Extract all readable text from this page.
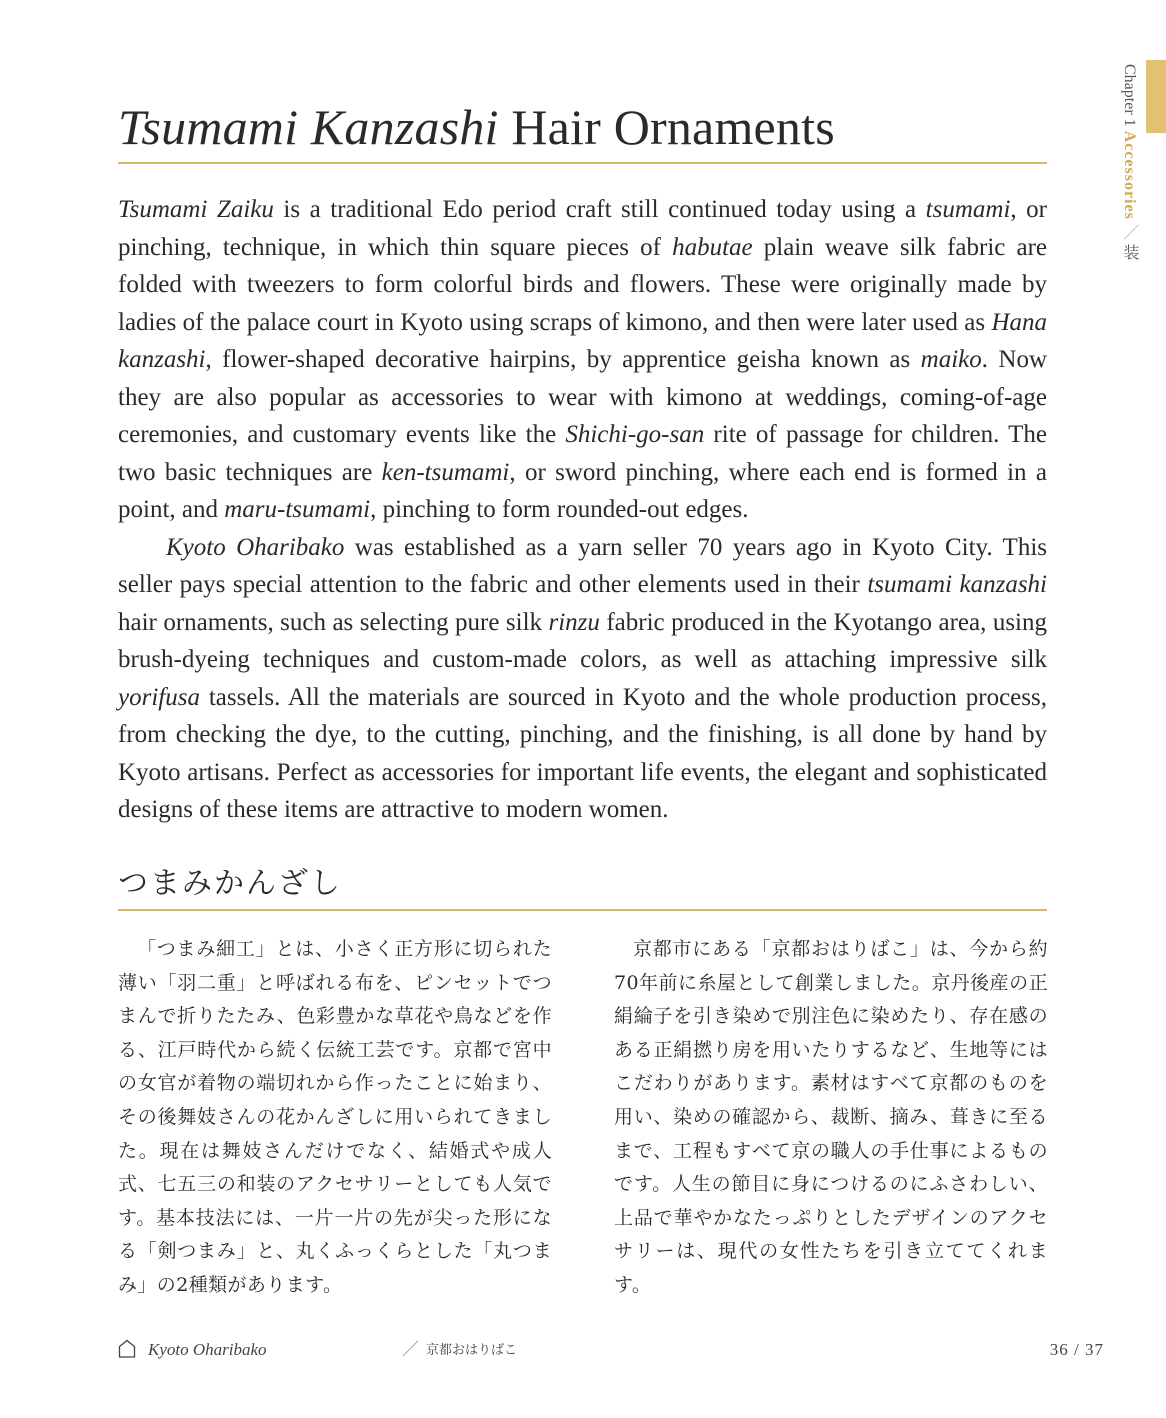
Tsumami Kanzashi Hair Ornaments

Tsumami Zaiku is a traditional Edo period craft still continued today using a tsumami, or pinching, technique, in which thin square pieces of habutae plain weave silk fabric are folded with tweezers to form colorful birds and flowers. These were originally made by ladies of the palace court in Kyoto using scraps of kimono, and then were later used as Hana kanzashi, flower-shaped decorative hairpins, by apprentice geisha known as maiko. Now they are also popular as accessories to wear with kimono at weddings, coming-of-age ceremonies, and customary events like the Shichi-go-san rite of passage for children. The two basic techniques are ken-tsumami, or sword pinching, where each end is formed in a point, and maru-tsumami, pinching to form rounded-out edges.

Kyoto Oharibako was established as a yarn seller 70 years ago in Kyoto City. This seller pays special attention to the fabric and other elements used in their tsumami kanzashi hair ornaments, such as selecting pure silk rinzu fabric produced in the Kyotango area, using brush-dyeing techniques and custom-made colors, as well as attaching impressive silk yorifusa tassels. All the materials are sourced in Kyoto and the whole production process, from checking the dye, to the cutting, pinching, and the finishing, is all done by hand by Kyoto artisans. Perfect as accessories for important life events, the elegant and sophisticated designs of these items are attractive to modern women.

つまみかんざし

「つまみ細工」とは、小さく正方形に切られた薄い「羽二重」と呼ばれる布を、ピンセットでつまんで折りたたみ、色彩豊かな草花や鳥などを作る、江戸時代から続く伝統工芸です。京都で宮中の女官が着物の端切れから作ったことに始まり、その後舞妓さんの花かんざしに用いられてきました。現在は舞妓さんだけでなく、結婚式や成人式、七五三の和装のアクセサリーとしても人気です。基本技法には、一片一片の先が尖った形になる「剣つまみ」と、丸くふっくらとした「丸つまみ」の2種類があります。

京都市にある「京都おはりばこ」は、今から約70年前に糸屋として創業しました。京丹後産の正絹綸子を引き染めで別注色に染めたり、存在感のある正絹撚り房を用いたりするなど、生地等にはこだわりがあります。素材はすべて京都のものを用い、染めの確認から、裁断、摘み、葺きに至るまで、工程もすべて京の職人の手仕事によるものです。人生の節目に身につけるのにふさわしい、上品で華やかなたっぷりとしたデザインのアクセサリーは、現代の女性たちを引き立ててくれます。

Chapter 1 Accessories ／ 装
Kyoto Oharibako	／ 京都おはりばこ	36 / 37
